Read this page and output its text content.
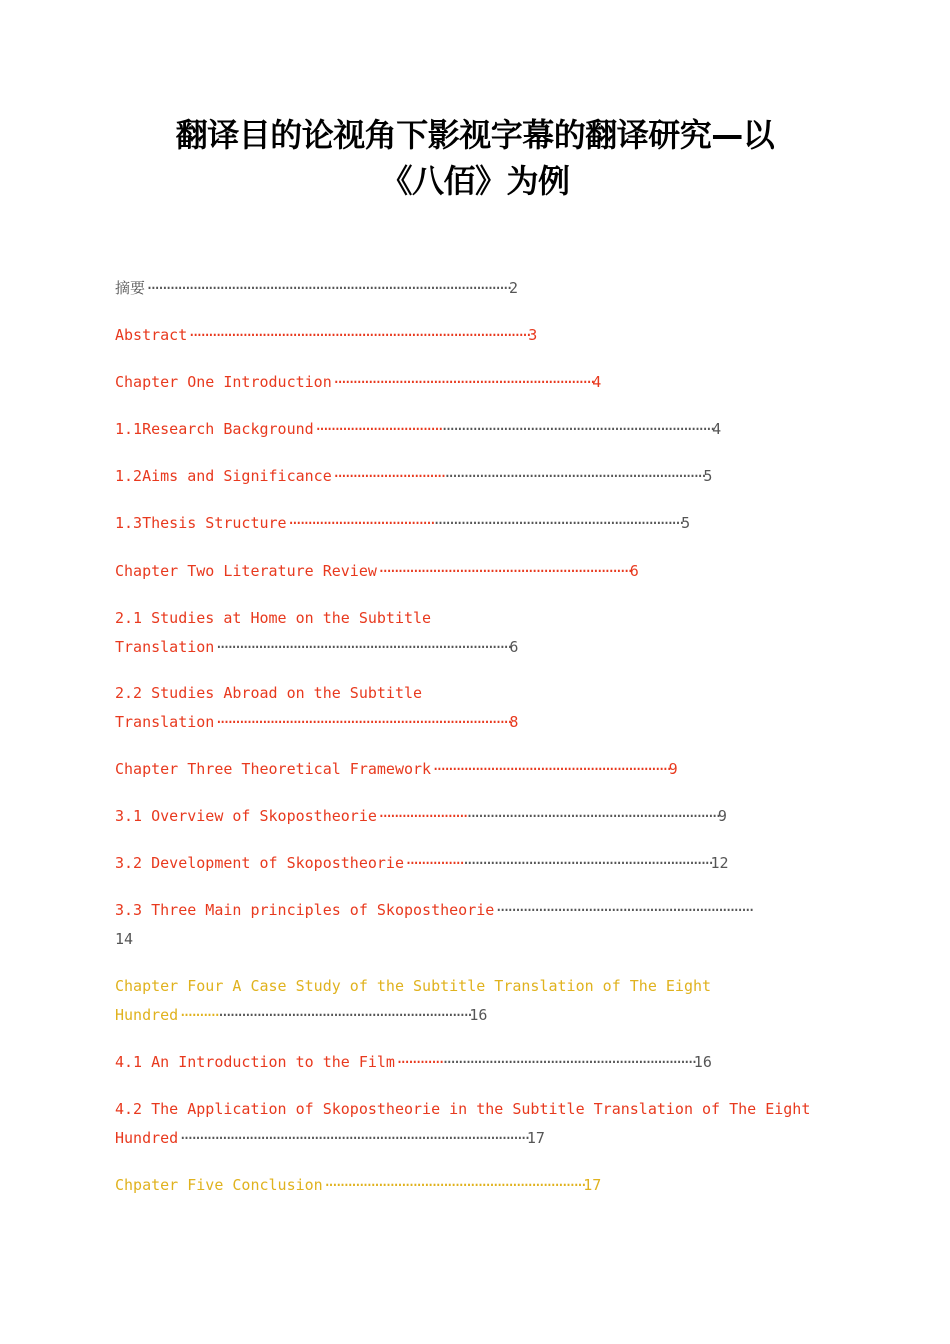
翻译目的论视角下影视字幕的翻译研究—以
《八佰》为例
摘要·······························································································2
Abstract·························································································3
Chapter One Introduction····································································4
1.1Research Background········································································································4
1.2Aims and Significance·································································································5
1.3Thesis Structure·······································································································5
Chapter Two Literature Review··································································6
2.1 Studies at Home on the Subtitle
Translation·············································································6
2.2 Studies Abroad on the Subtitle
Translation·············································································8
Chapter Three Theoretical Framework······························································9
3.1 Overview of Skopostheorie·························································································9
3.2 Development of Skopostheorie················································································12
3.3 Three Main principles of Skopostheorie···································································
14
Chapter Four A Case Study of the Subtitle Translation of The Eight
Hundred············································································16
4.1 An Introduction to the Film··············································································16
4.2 The Application of Skopostheorie in the Subtitle Translation of The Eight
Hundred···························································································17
Chpater Five Conclusion····································································17
